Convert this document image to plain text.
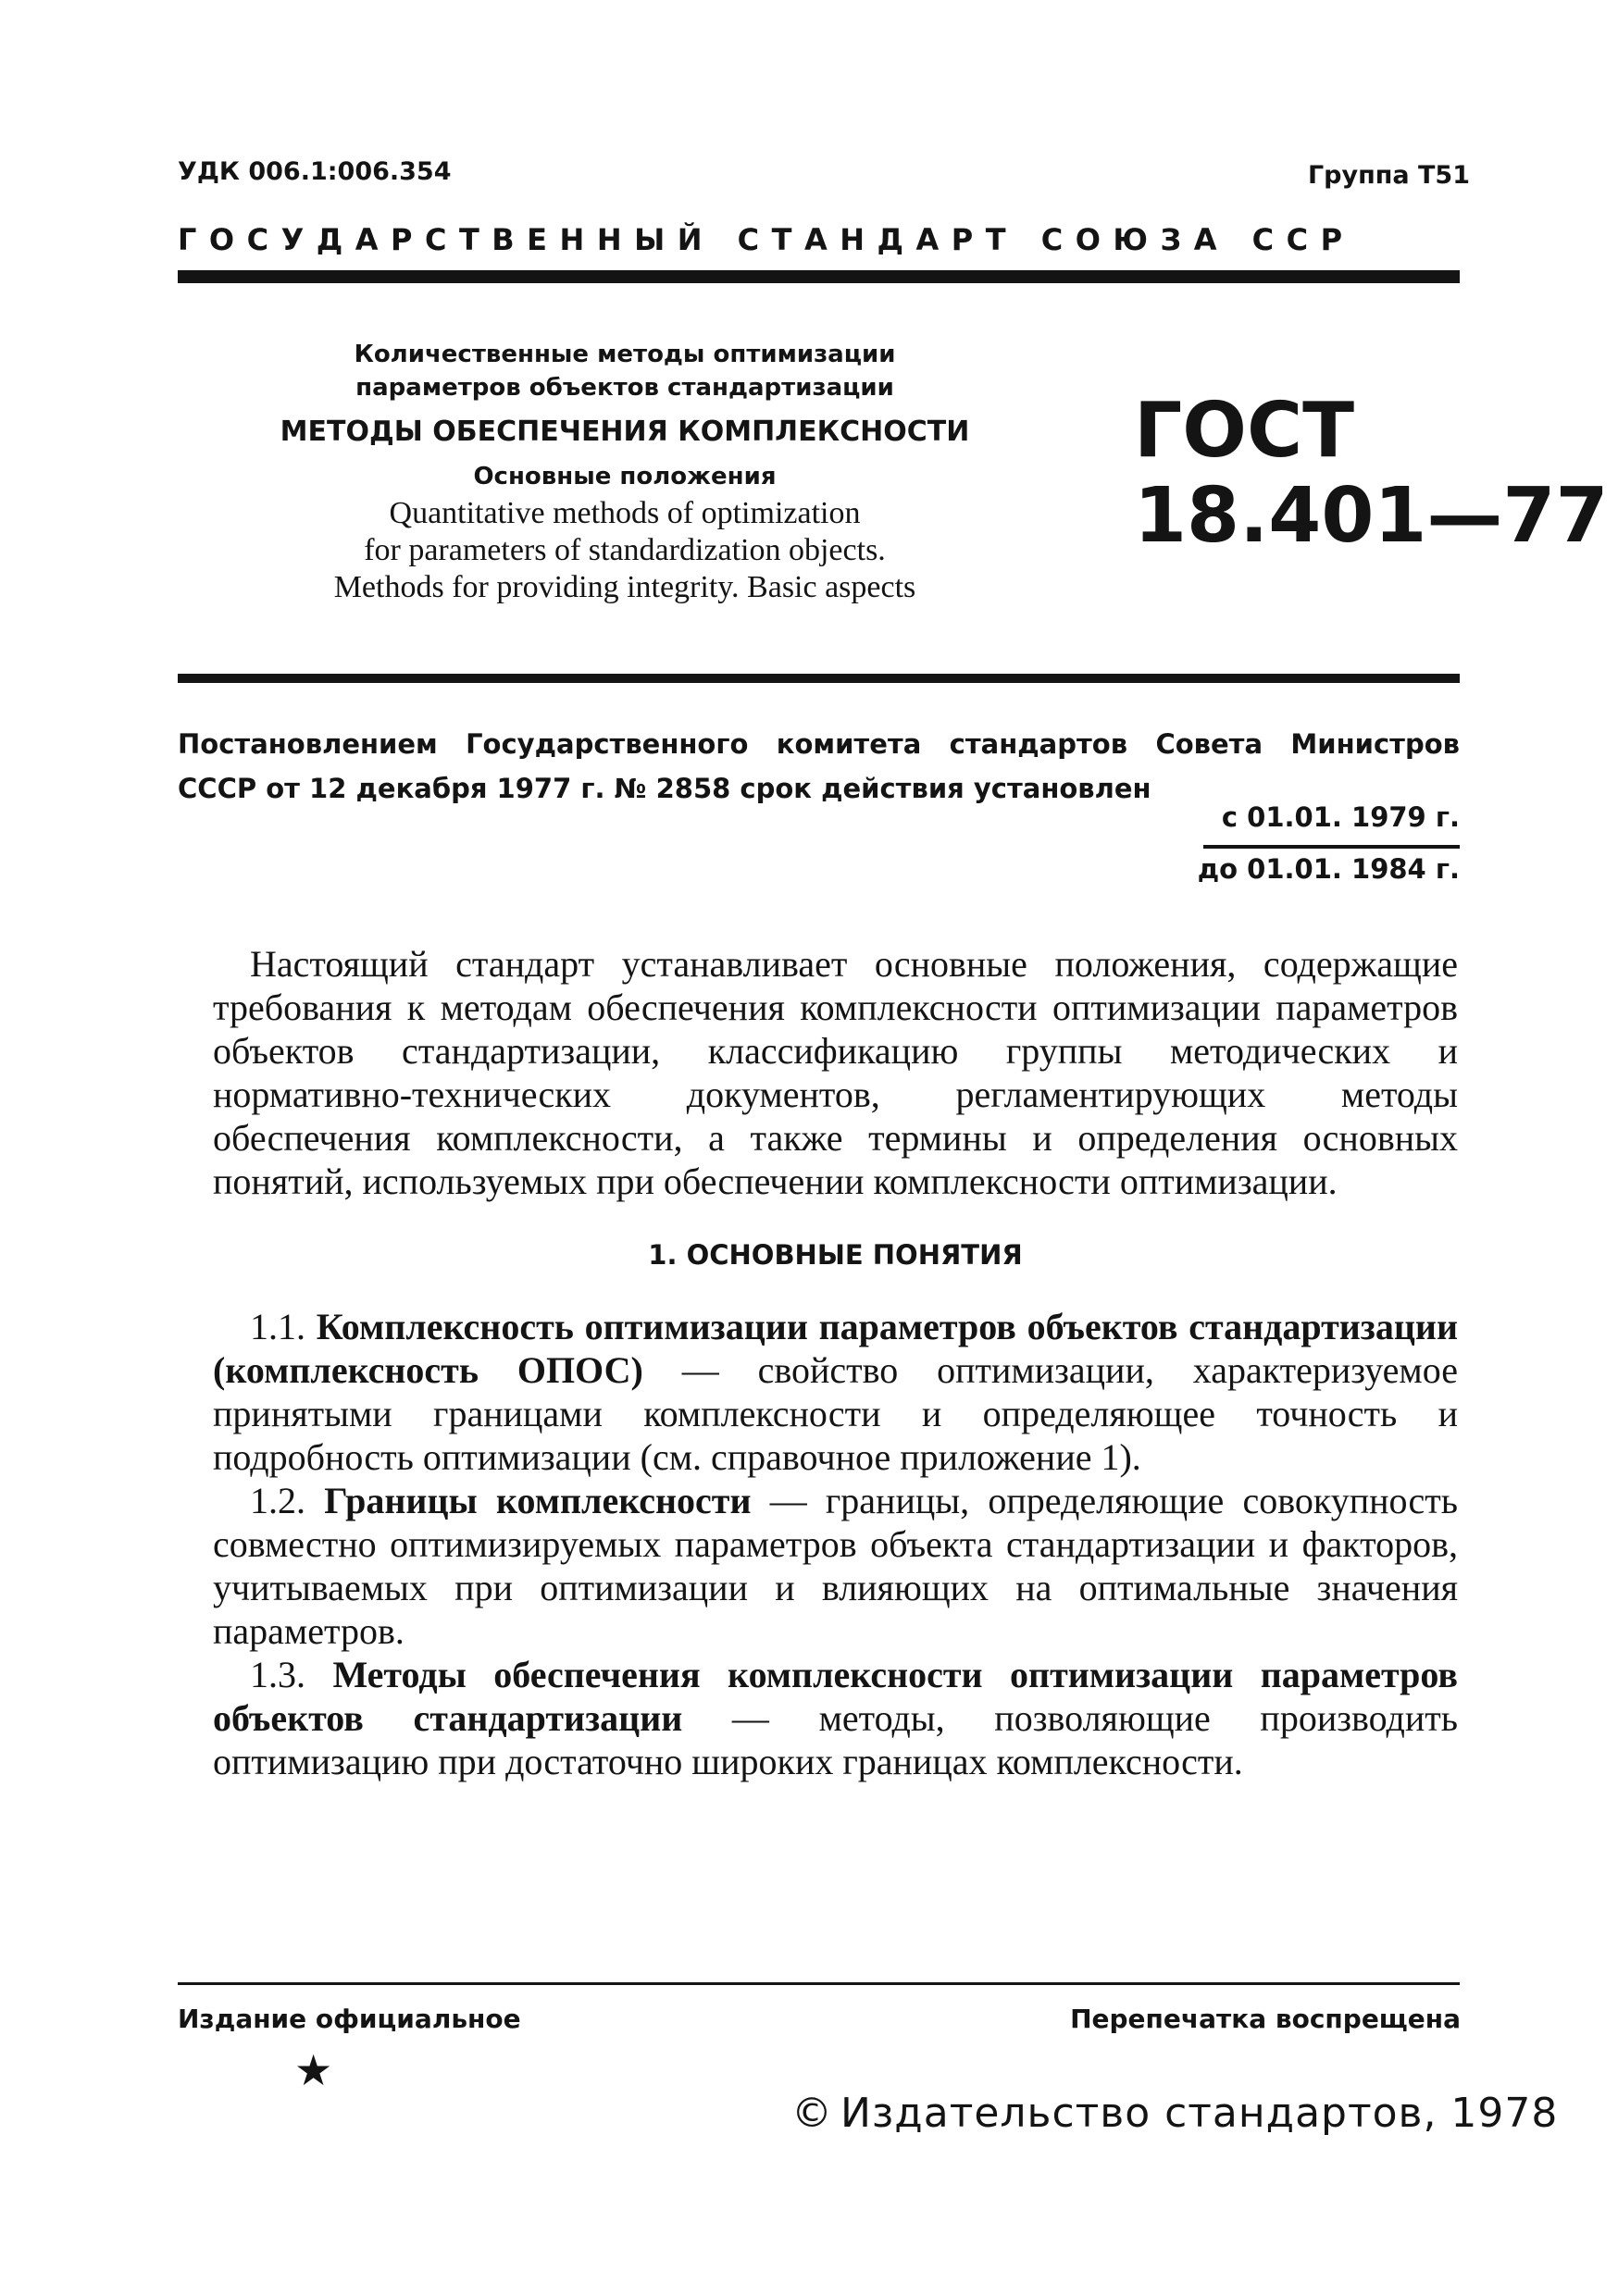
УДК 006.1:006.354	Группа Т51
ГОСУДАРСТВЕННЫЙ СТАНДАРТ СОЮЗА ССР
Количественные методы оптимизации
параметров объектов стандартизации
МЕТОДЫ ОБЕСПЕЧЕНИЯ КОМПЛЕКСНОСТИ
Основные положения
Quantitative methods of optimization
for parameters of standardization objects.
Methods for providing integrity. Basic aspects
ГОСТ
18.401—77
Постановлением Государственного комитета стандартов Совета Министров
СССР от 12 декабря 1977 г. № 2858 срок действия установлен
с 01.01. 1979 г.
до 01.01. 1984 г.

Настоящий стандарт устанавливает основные положения, содержащие требования к методам обеспечения комплексности оптимизации параметров объектов стандартизации, классификацию группы методических и нормативно-технических документов, регламентирующих методы обеспечения комплексности, а также термины и определения основных понятий, используемых при обеспечении комплексности оптимизации.

1. ОСНОВНЫЕ ПОНЯТИЯ

1.1. Комплексность оптимизации параметров объектов стандартизации (комплексность ОПОС) — свойство оптимизации, характеризуемое принятыми границами комплексности и определяющее точность и подробность оптимизации (см. справочное приложение 1).

1.2. Границы комплексности — границы, определяющие совокупность совместно оптимизируемых параметров объекта стандартизации и факторов, учитываемых при оптимизации и влияющих на оптимальные значения параметров.

1.3. Методы обеспечения комплексности оптимизации параметров объектов стандартизации — методы, позволяющие производить оптимизацию при достаточно широких границах комплексности.

Издание официальное	Перепечатка воспрещена
★
© Издательство стандартов, 1978
